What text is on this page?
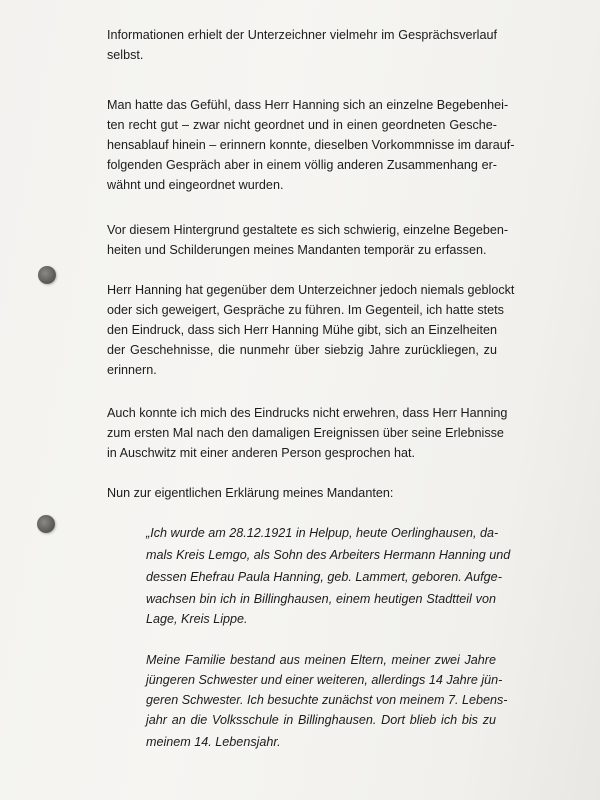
Informationen erhielt der Unterzeichner vielmehr im Gesprächsverlauf

selbst.

Man hatte das Gefühl, dass Herr Hanning sich an einzelne Begebenhei-

ten recht gut – zwar nicht geordnet und in einen geordneten Gesche-

hensablauf hinein – erinnern konnte, dieselben Vorkommnisse im darauf-

folgenden Gespräch aber in einem völlig anderen Zusammenhang er-

wähnt und eingeordnet wurden.

Vor diesem Hintergrund gestaltete es sich schwierig, einzelne Begeben-

heiten und Schilderungen meines Mandanten temporär zu erfassen.

Herr Hanning hat gegenüber dem Unterzeichner jedoch niemals geblockt

oder sich geweigert, Gespräche zu führen. Im Gegenteil, ich hatte stets

den Eindruck, dass sich Herr Hanning Mühe gibt, sich an Einzelheiten

der Geschehnisse, die nunmehr über siebzig Jahre zurückliegen, zu

erinnern.

Auch konnte ich mich des Eindrucks nicht erwehren, dass Herr Hanning

zum ersten Mal nach den damaligen Ereignissen über seine Erlebnisse

in Auschwitz mit einer anderen Person gesprochen hat.

Nun zur eigentlichen Erklärung meines Mandanten:

„Ich wurde am 28.12.1921 in Helpup, heute Oerlinghausen, da-

mals Kreis Lemgo, als Sohn des Arbeiters Hermann Hanning und

dessen Ehefrau Paula Hanning, geb. Lammert, geboren. Aufge-

wachsen bin ich in Billinghausen, einem heutigen Stadtteil von

Lage, Kreis Lippe.

Meine Familie bestand aus meinen Eltern, meiner zwei Jahre

jüngeren Schwester und einer weiteren, allerdings 14 Jahre jün-

geren Schwester. Ich besuchte zunächst von meinem 7. Lebens-

jahr an die Volksschule in Billinghausen. Dort blieb ich bis zu

meinem 14. Lebensjahr.
